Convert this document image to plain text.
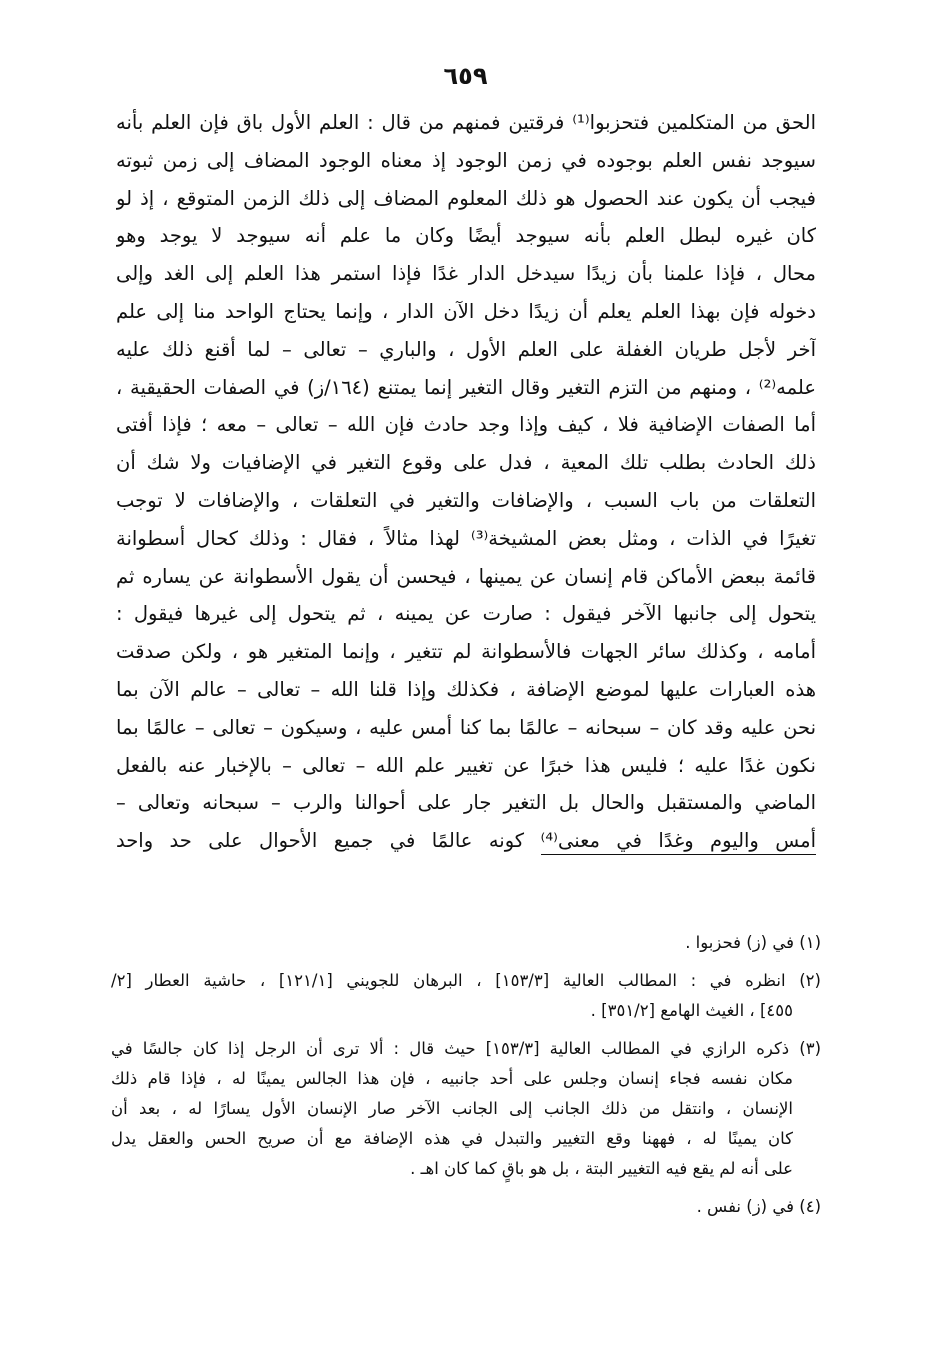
٦٥٩
الحق من المتكلمين فتحزبوا⁽¹⁾ فرقتين فمنهم من قال : العلم الأول باق فإن العلم بأنه
سيوجد نفس العلم بوجوده في زمن الوجود إذ معناه الوجود المضاف إلى زمن ثبوته
فيجب أن يكون عند الحصول هو ذلك المعلوم المضاف إلى ذلك الزمن المتوقع ، إذ لو
كان غيره لبطل العلم بأنه سيوجد أيضًا وكان ما علم أنه سيوجد لا يوجد وهو
محال ، فإذا علمنا بأن زيدًا سيدخل الدار غدًا فإذا استمر هذا العلم إلى الغد وإلى
دخوله فإن بهذا العلم يعلم أن زيدًا دخل الآن الدار ، وإنما يحتاج الواحد منا إلى علم
آخر لأجل طريان الغفلة على العلم الأول ، والباري – تعالى – لما أقنع ذلك عليه
علمه⁽²⁾ ، ومنهم من التزم التغير وقال التغير إنما يمتنع (١٦٤/ز) في الصفات الحقيقية ،
أما الصفات الإضافية فلا ، كيف وإذا وجد حادث فإن الله – تعالى – معه ؛ فإذا أفتى
ذلك الحادث بطلب تلك المعية ، فدل على وقوع التغير في الإضافيات ولا شك أن
التعلقات من باب السبب ، والإضافات والتغير في التعلقات ، والإضافات لا توجب
تغيرًا في الذات ، ومثل بعض المشيخة⁽³⁾ لهذا مثالاً ، فقال : وذلك كحال أسطوانة
قائمة ببعض الأماكن قام إنسان عن يمينها ، فيحسن أن يقول الأسطوانة عن يساره ثم
يتحول إلى جانبها الآخر فيقول : صارت عن يمينه ، ثم يتحول إلى غيرها فيقول :
أمامه ، وكذلك سائر الجهات فالأسطوانة لم تتغير ، وإنما المتغير هو ، ولكن صدقت
هذه العبارات عليها لموضع الإضافة ، فكذلك وإذا قلنا الله – تعالى – عالم الآن بما
نحن عليه وقد كان – سبحانه – عالمًا بما كنا أمس عليه ، وسيكون – تعالى – عالمًا بما
نكون غدًا عليه ؛ فليس هذا خبرًا عن تغيير علم الله – تعالى – بالإخبار عنه بالفعل
الماضي والمستقبل والحال بل التغير جار على أحوالنا والرب – سبحانه وتعالى –
أمس واليوم وغدًا في معنى⁽⁴⁾ كونه عالمًا في جميع الأحوال على حد واحد
(١) في (ز) فحزبوا .
(٢) انظره في : المطالب العالية [١٥٣/٣] ، البرهان للجويني [١٢١/١] ، حاشية العطار [٢/
٤٥٥] ، الغيث الهامع [٣٥١/٢] .
(٣) ذكره الرازي في المطالب العالية [١٥٣/٣] حيث قال : ألا ترى أن الرجل إذا كان جالسًا في
مكان نفسه فجاء إنسان وجلس على أحد جانبيه ، فإن هذا الجالس يمينًا له ، فإذا قام ذلك
الإنسان ، وانتقل من ذلك الجانب إلى الجانب الآخر صار الإنسان الأول يسارًا له ، بعد أن
كان يمينًا له ، فههنا وقع التغيير والتبدل في هذه الإضافة مع أن صريح الحس والعقل يدل
على أنه لم يقع فيه التغيير البتة ، بل هو باقٍ كما كان اهـ .
(٤) في (ز) نفس .
